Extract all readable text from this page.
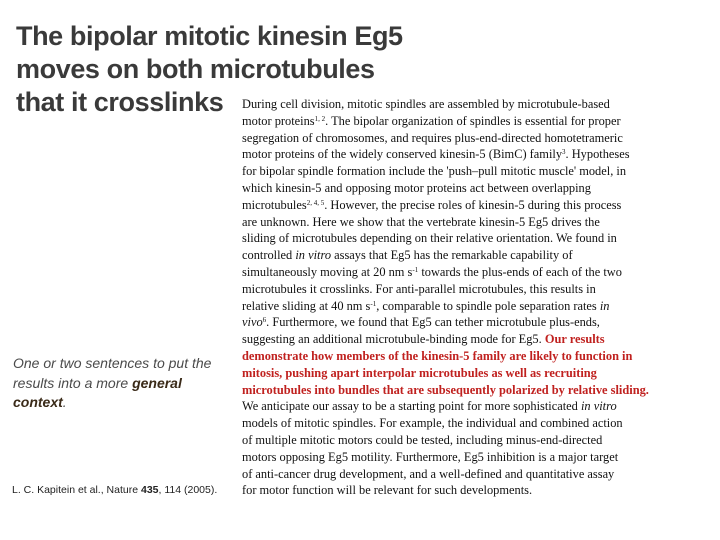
The bipolar mitotic kinesin Eg5
moves on both microtubules
that it crosslinks
One or two sentences to put the results into a more general context.
L. C. Kapitein et al., Nature 435, 114 (2005).
During cell division, mitotic spindles are assembled by microtubule-based
motor proteins$^{1, 2}$. The bipolar organization of spindles is essential for proper
segregation of chromosomes, and requires plus-end-directed homotetrameric
motor proteins of the widely conserved kinesin-5 (BimC) family$^3$. Hypotheses
for bipolar spindle formation include the 'push–pull mitotic muscle' model, in
which kinesin-5 and opposing motor proteins act between overlapping
microtubules$^{2, 4, 5}$. However, the precise roles of kinesin-5 during this process
are unknown. Here we show that the vertebrate kinesin-5 Eg5 drives the
sliding of microtubules depending on their relative orientation. We found in
controlled in vitro assays that Eg5 has the remarkable capability of
simultaneously moving at 20 nm $s^{-1}$ towards the plus-ends of each of the two
microtubules it crosslinks. For anti-parallel microtubules, this results in
relative sliding at 40 nm $s^{-1}$, comparable to spindle pole separation rates in
vivo$^6$. Furthermore, we found that Eg5 can tether microtubule plus-ends,
suggesting an additional microtubule-binding mode for Eg5. Our results
demonstrate how members of the kinesin-5 family are likely to function in
mitosis, pushing apart interpolar microtubules as well as recruiting
microtubules into bundles that are subsequently polarized by relative sliding.
We anticipate our assay to be a starting point for more sophisticated in vitro
models of mitotic spindles. For example, the individual and combined action
of multiple mitotic motors could be tested, including minus-end-directed
motors opposing Eg5 motility. Furthermore, Eg5 inhibition is a major target
of anti-cancer drug development, and a well-defined and quantitative assay
for motor function will be relevant for such developments.
